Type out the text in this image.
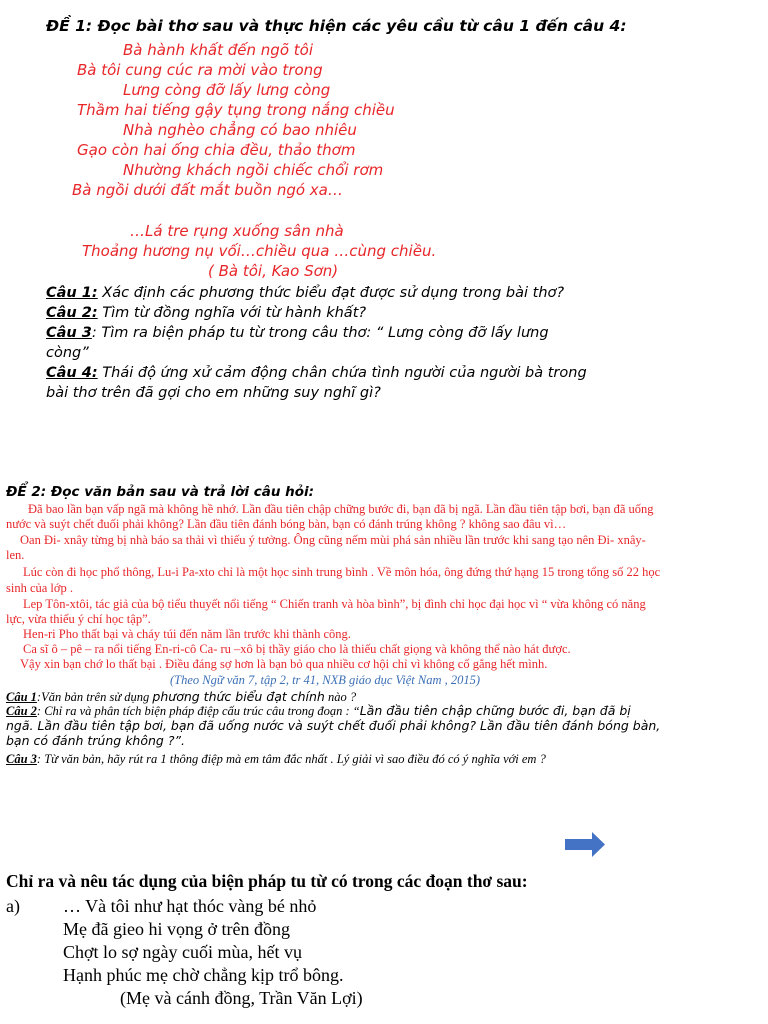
ĐỀ 1: Đọc bài thơ sau và thực hiện các yêu cầu từ câu 1 đến câu 4:
Bà hành khất đến ngõ tôi
Bà tôi cung cúc ra mời vào trong
Lưng còng đỡ lấy lưng còng
Thầm hai tiếng gậy tụng trong nắng chiều
Nhà nghèo chẳng có bao nhiêu
Gạo còn hai ống chia đều, thảo thơm
Nhường khách ngồi chiếc chổi rơm
Bà ngồi dưới đất mắt buồn ngó xa…
…Lá tre rụng xuống sân nhà
Thoảng hương nụ vối…chiều qua …cùng chiều.
( Bà tôi, Kao Sơn)
Câu 1: Xác định các phương thức biểu đạt được sử dụng trong bài thơ?
Câu 2: Tìm từ đồng nghĩa với từ hành khất?
Câu 3: Tìm ra biện pháp tu từ trong câu thơ: “ Lưng còng đỡ lấy lưng
còng”
Câu 4: Thái độ ứng xử cảm động chân chứa tình người của người bà trong
bài thơ trên đã gợi cho em những suy nghĩ gì?
ĐỂ 2: Đọc văn bản sau và trả lời câu hỏi:
Đã bao lần bạn vấp ngã mà không hề nhớ. Lần đầu tiên chập chững bước đi, bạn đã bị ngã. Lần đầu tiên tập bơi, bạn đã uống
nước và suýt chết đuối phải không? Lần đầu tiên đánh bóng bàn, bạn có đánh trúng không ? không sao đâu vì…
Oan Đi- xnây từng bị nhà báo sa thải vì thiếu ý tưởng. Ông cũng nếm mùi phá sản nhiều lần trước khi sang tạo nên Đi- xnây-
len.
Lúc còn đi học phổ thông, Lu-i Pa-xto chỉ là một học sinh trung bình . Về môn hóa, ông đứng thứ hạng 15 trong tổng số 22 học
sinh của lớp .
Lep Tôn-xtôi, tác giả của bộ tiểu thuyết nổi tiếng “ Chiến tranh và hòa bình”, bị đình chỉ học đại học vì “ vừa không có năng
lực, vừa thiếu ý chí học tập”.
Hen-ri Pho thất bại và cháy túi đến năm lần trước khi thành công.
Ca sĩ ô – pê – ra nổi tiếng En-ri-cô Ca- ru –xô bị thầy giáo cho là thiếu chất giọng và không thể nào hát được.
Vậy xin bạn chớ lo thất bại . Điều đáng sợ hơn là bạn bỏ qua nhiều cơ hội chỉ vì không cố gắng hết mình.
(Theo Ngữ văn 7, tập 2, tr 41, NXB giáo dục Việt Nam , 2015)
Câu 1:Văn bản trên sử dụng phương thức biểu đạt chính nào ?
Câu 2: Chỉ ra và phân tích biện pháp điệp cấu trúc câu trong đoạn : “Lần đầu tiên chập chững bước đi, bạn đã bị
ngã. Lần đầu tiên tập bơi, bạn đã uống nước và suýt chết đuối phải không? Lần đầu tiên đánh bóng bàn,
bạn có đánh trúng không ?”.
Câu 3: Từ văn bản, hãy rút ra 1 thông điệp mà em tâm đắc nhất . Lý giải vì sao điều đó có ý nghĩa với em ?
Chỉ ra và nêu tác dụng của biện pháp tu từ có trong các đoạn thơ sau:
a) … Và tôi như hạt thóc vàng bé nhỏ
Mẹ đã gieo hi vọng ở trên đồng
Chợt lo sợ ngày cuối mùa, hết vụ
Hạnh phúc mẹ chờ chẳng kịp trổ bông.
(Mẹ và cánh đồng, Trần Văn Lợi)
